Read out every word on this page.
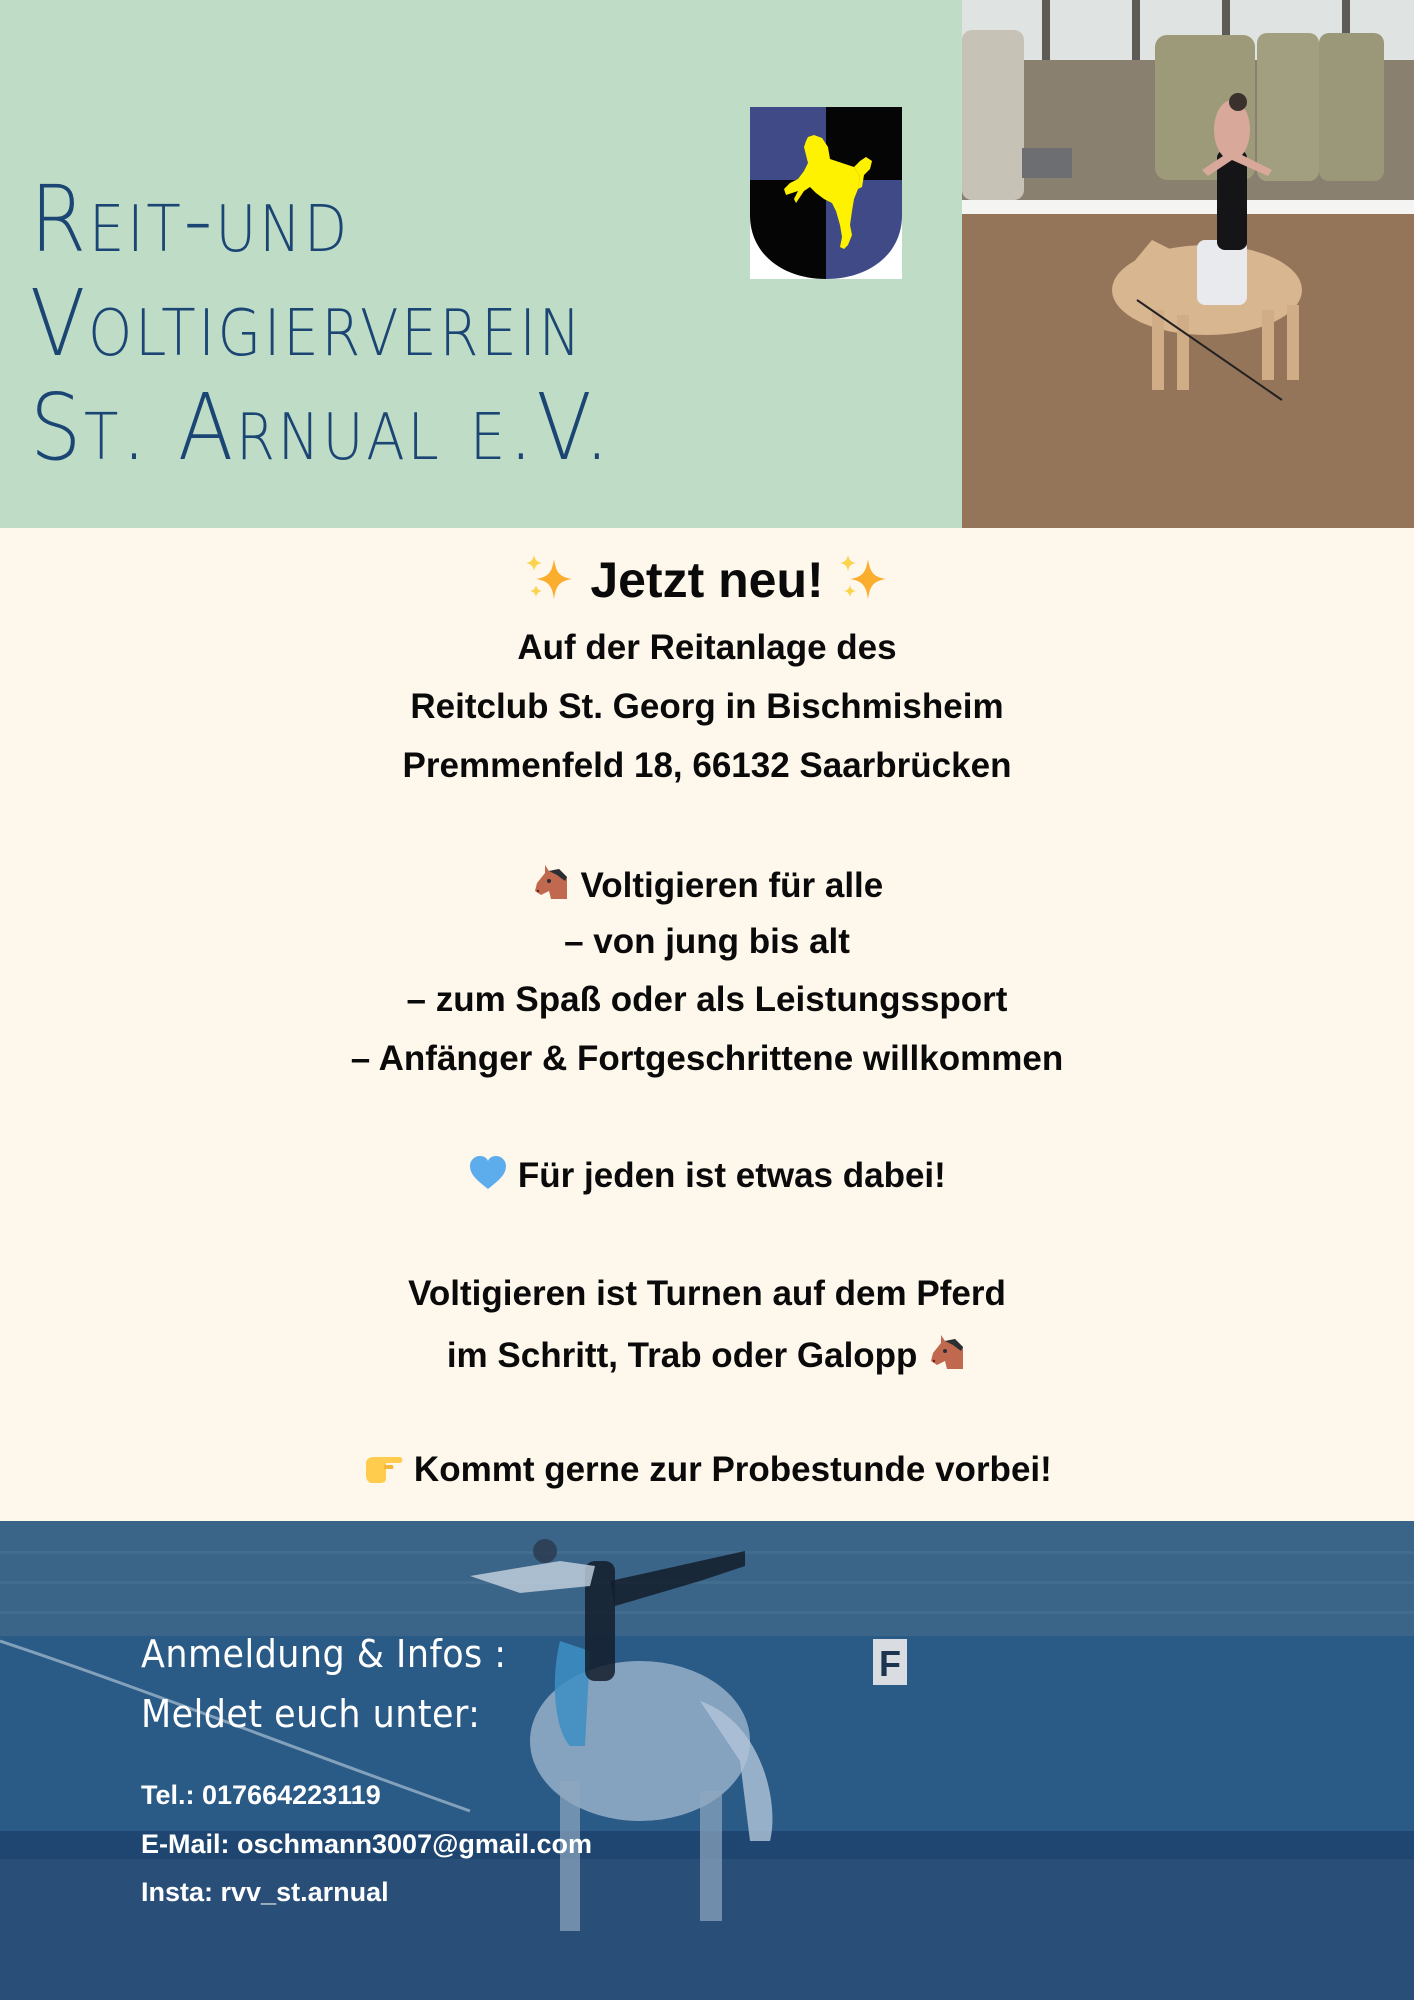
Reit-und
Voltigierverein
St. Arnual e.V.
Jetzt neu!
Auf der Reitanlage des
Reitclub St. Georg in Bischmisheim
Premmenfeld 18, 66132 Saarbrücken
Voltigieren für alle
– von jung bis alt
– zum Spaß oder als Leistungssport
– Anfänger & Fortgeschrittene willkommen
Für jeden ist etwas dabei!
Voltigieren ist Turnen auf dem Pferd
im Schritt, Trab oder Galopp
Kommt gerne zur Probestunde vorbei!
F
Anmeldung & Infos :
Meldet euch unter:
Tel.: 017664223119
E-Mail: oschmann3007@gmail.com
Insta: rvv_st.arnual
